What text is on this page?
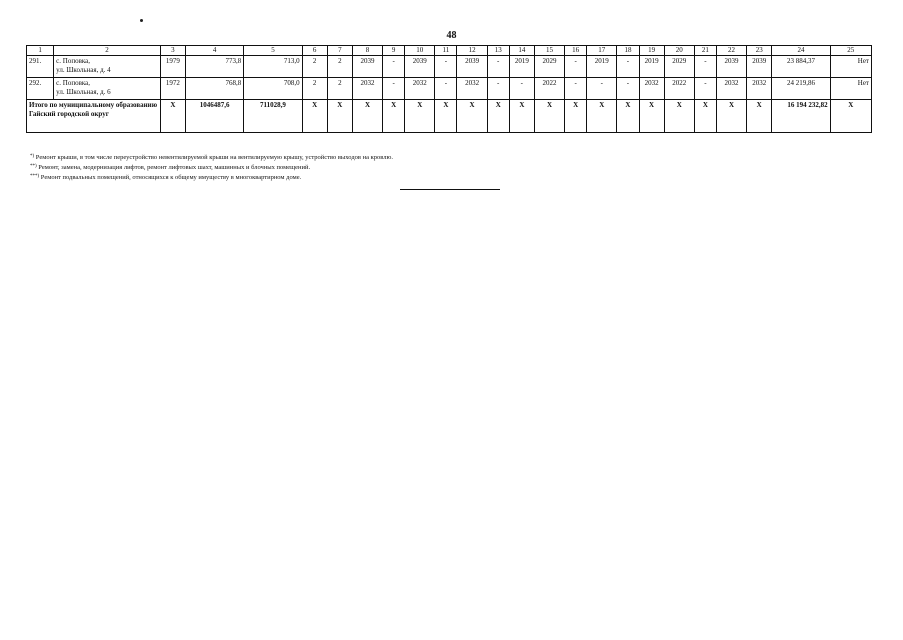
48
1	2	3	4	5	6	7	8	9	10	11	12	13	14	15	16	17	18	19	20	21	22	23	24	25
291.	с. Поповка,
ул. Школьная, д. 4	1979	773,8	713,0	2	2	2039	-	2039	-	2039	-	2019	2029	-	2019	-	2019	2029	-	2039	2039	23 884,37	Нет
292.	с. Поповка,
ул. Школьная, д. 6	1972	768,8	708,0	2	2	2032	-	2032	-	2032	-	-	2022	-	-	-	2032	2022	-	2032	2032	24 219,86	Нет
Итого по муниципальному образованию Гайский городской округ		Х	1046487,6	711028,9	Х	Х	Х	Х	Х	Х	Х	Х	Х	Х	Х	Х	Х	Х	Х	Х	Х	Х	16 194 232,82	Х
*) Ремонт крыши, в том числе переустройство невентилируемой крыши на вентилируемую крышу, устройство выходов на кровлю.
**) Ремонт, замена, модернизация лифтов, ремонт лифтовых шахт, машинных и блочных помещений.
***) Ремонт подвальных помещений, относящихся к общему имуществу в многоквартирном доме.
